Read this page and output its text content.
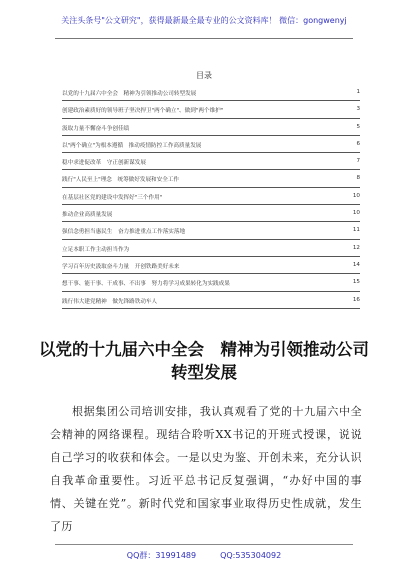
关注头条号"公文研究"，获得最新最全最专业的公文资料库！ 微信：gongwenyj
目录
以党的十九届六中全会　精神为引领推动公司转型发展	1
创建政治素质好的领导班子坚决捍卫"两个确立"、做到"两个维护"	3
汲取力量不懈奋斗争创佳绩	5
以"两个确立"为根本遵循　推动疫情防控工作高质量发展	6
稳中求进促改革　守正创新谋发展	7
践行"人民至上"理念　统筹做好发展和安全工作	8
在基层社区党的建设中发挥好"三个作用"	10
推动企业高质量发展	10
强信念勇担当惠民生　奋力推进重点工作落实落地	11
立足本职工作主动担当作为	12
学习百年历史汲取奋斗力量　开创铁路美好未来	14
想干事、能干事、干成事、不出事　努力将学习成果转化为实践成果	15
践行伟大建党精神　做先锋路铁动车人	16
以党的十九届六中全会　精神为引领推动公司
转型发展
根据集团公司培训安排，我认真观看了党的十九届六中全会精神的网络课程。现结合聆听XX书记的开班式授课，说说自己学习的收获和体会。一是以史为鉴、开创未来，充分认识自我革命重要性。习近平总书记反复强调，“办好中国的事情、关键在党”。新时代党和国家事业取得历史性成就，发生了历
QQ群：31991489　　　QQ:535304092
